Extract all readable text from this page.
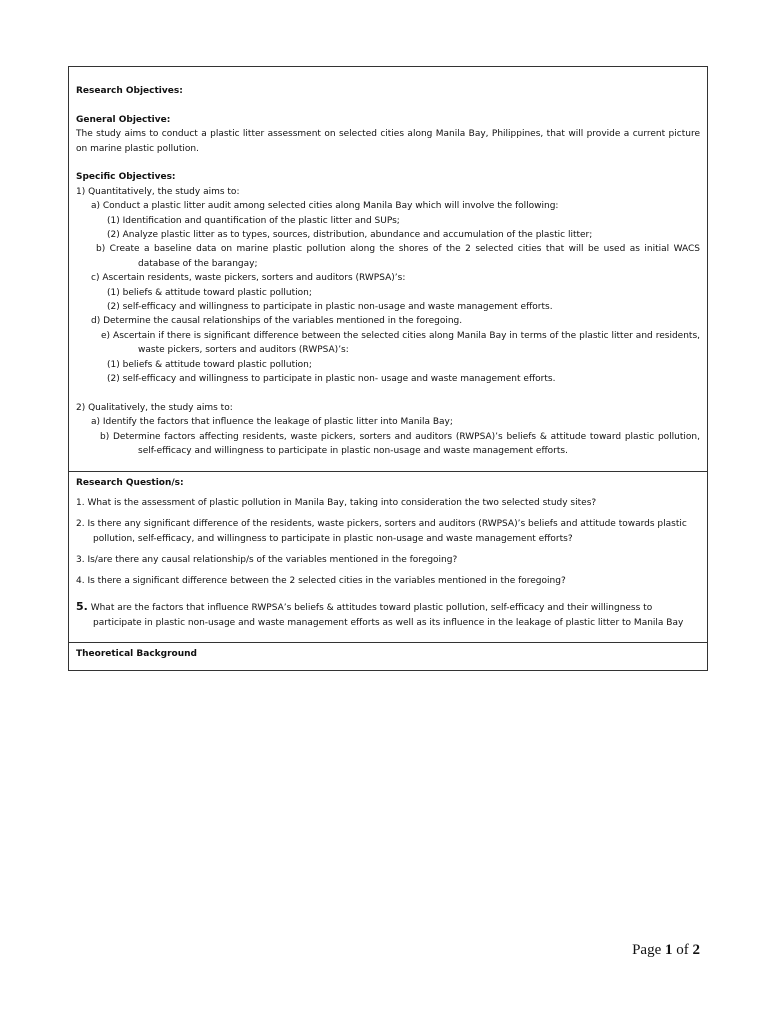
Research Objectives:
General Objective:
The study aims to conduct a plastic litter assessment on selected cities along Manila Bay, Philippines, that will provide a current picture on marine plastic pollution.
Specific Objectives:
1) Quantitatively, the study aims to:
a) Conduct a plastic litter audit among selected cities along Manila Bay which will involve the following:
(1) Identification and quantification of the plastic litter and SUPs;
(2) Analyze plastic litter as to types, sources, distribution, abundance and accumulation of the plastic litter;
b) Create a baseline data on marine plastic pollution along the shores of the 2 selected cities that will be used as initial WACS database of the barangay;
c) Ascertain residents, waste pickers, sorters and auditors (RWPSA)’s:
(1) beliefs & attitude toward plastic pollution;
(2) self-efficacy and willingness to participate in plastic non-usage and waste management efforts.
d) Determine the causal relationships of the variables mentioned in the foregoing.
e) Ascertain if there is significant difference between the selected cities along Manila Bay in terms of the plastic litter and residents, waste pickers, sorters and auditors (RWPSA)’s:
(1) beliefs & attitude toward plastic pollution;
(2) self-efficacy and willingness to participate in plastic non- usage and waste management efforts.
2) Qualitatively, the study aims to:
a) Identify the factors that influence the leakage of plastic litter into Manila Bay;
b) Determine factors affecting residents, waste pickers, sorters and auditors (RWPSA)’s beliefs & attitude toward plastic pollution, self-efficacy and willingness to participate in plastic non-usage and waste management efforts.
Research Question/s:
1. What is the assessment of plastic pollution in Manila Bay, taking into consideration the two selected study sites?
2. Is there any significant difference of the residents, waste pickers, sorters and auditors (RWPSA)’s beliefs and attitude towards plastic pollution, self-efficacy, and willingness to participate in plastic non-usage and waste management efforts?
3. Is/are there any causal relationship/s of the variables mentioned in the foregoing?
4. Is there a significant difference between the 2 selected cities in the variables mentioned in the foregoing?
5. What are the factors that influence RWPSA’s beliefs & attitudes toward plastic pollution, self-efficacy and their willingness to participate in plastic non-usage and waste management efforts as well as its influence in the leakage of plastic litter to Manila Bay
Theoretical Background
Page 1 of 2
